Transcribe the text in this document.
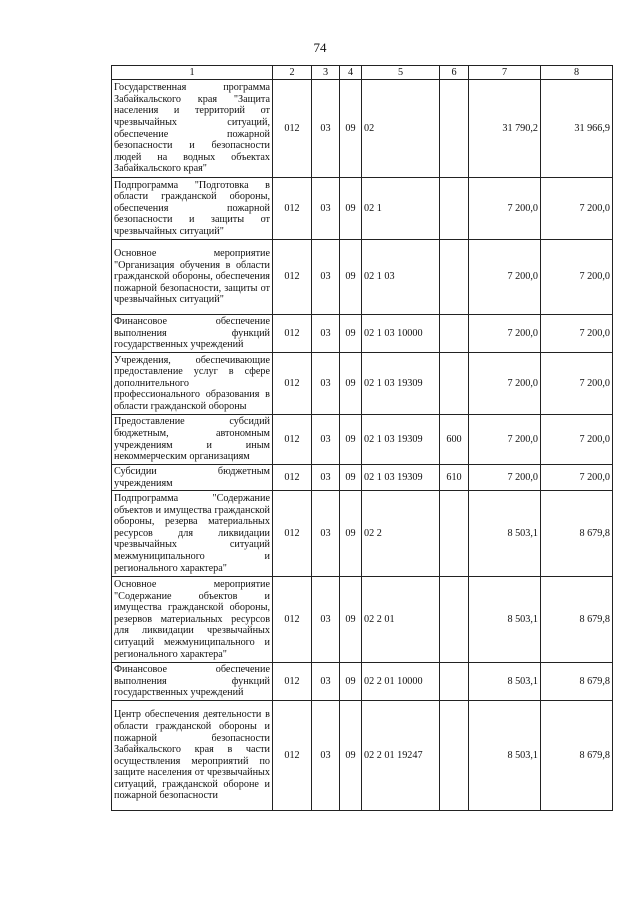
74
1	2	3	4	5	6	7	8
Государственная программа Забайкальского края "Защита населения и территорий от чрезвычайных ситуаций, обеспечение пожарной безопасности и безопасности людей на водных объектах Забайкальского края"	012	03	09	02		31 790,2	31 966,9
Подпрограмма "Подготовка в области гражданской обороны, обеспечения пожарной безопасности и защиты от чрезвычайных ситуаций"	012	03	09	02 1		7 200,0	7 200,0
Основное мероприятие "Организация обучения в области гражданской обороны, обеспечения пожарной безопасности, защиты от чрезвычайных ситуаций"	012	03	09	02 1 03		7 200,0	7 200,0
Финансовое обеспечение выполнения функций государственных учреждений	012	03	09	02 1 03 10000		7 200,0	7 200,0
Учреждения, обеспечивающие предоставление услуг в сфере дополнительного профессионального образования в области гражданской обороны	012	03	09	02 1 03 19309		7 200,0	7 200,0
Предоставление субсидий бюджетным, автономным учреждениям и иным некоммерческим организациям	012	03	09	02 1 03 19309	600	7 200,0	7 200,0
Субсидии бюджетным учреждениям	012	03	09	02 1 03 19309	610	7 200,0	7 200,0
Подпрограмма "Содержание объектов и имущества гражданской обороны, резерва материальных ресурсов для ликвидации чрезвычайных ситуаций межмуниципального и регионального характера"	012	03	09	02 2		8 503,1	8 679,8
Основное мероприятие "Содержание объектов и имущества гражданской обороны, резервов материальных ресурсов для ликвидации чрезвычайных ситуаций межмуниципального и регионального характера"	012	03	09	02 2 01		8 503,1	8 679,8
Финансовое обеспечение выполнения функций государственных учреждений	012	03	09	02 2 01 10000		8 503,1	8 679,8
Центр обеспечения деятельности в области гражданской обороны и пожарной безопасности Забайкальского края в части осуществления мероприятий по защите населения от чрезвычайных ситуаций, гражданской обороне и пожарной безопасности	012	03	09	02 2 01 19247		8 503,1	8 679,8
